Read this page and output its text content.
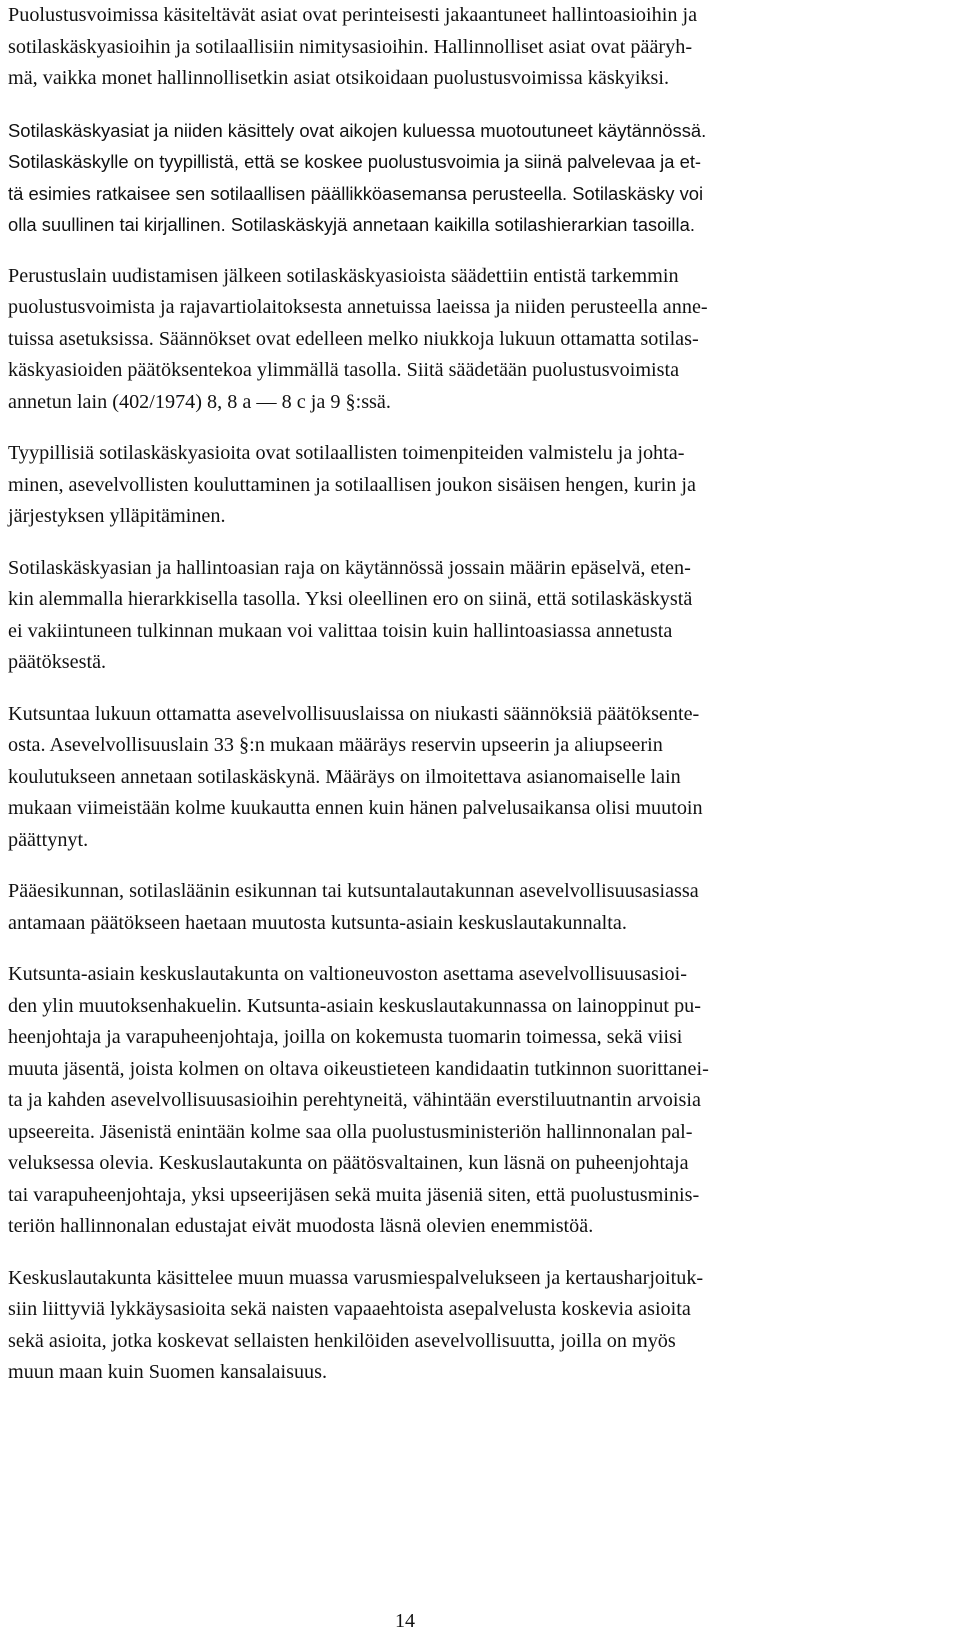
Puolustusvoimissa käsiteltävät asiat ovat perinteisesti jakaantuneet hallintoasioihin ja
sotilaskäskyasioihin ja sotilaallisiin nimitysasioihin. Hallinnolliset asiat ovat pääryh-
mä, vaikka monet hallinnollisetkin asiat otsikoidaan puolustusvoimissa käskyiksi.

Sotilaskäskyasiat ja niiden käsittely ovat aikojen kuluessa muotoutuneet käytännössä.
Sotilaskäskylle on tyypillistä, että se koskee puolustusvoimia ja siinä palvelevaa ja et-
tä esimies ratkaisee sen sotilaallisen päällikköasemansa perusteella. Sotilaskäsky voi
olla suullinen tai kirjallinen. Sotilaskäskyjä annetaan kaikilla sotilashierarkian tasoilla.

Perustuslain uudistamisen jälkeen sotilaskäskyasioista säädettiin entistä tarkemmin
puolustusvoimista ja rajavartiolaitoksesta annetuissa laeissa ja niiden perusteella anne-
tuissa asetuksissa. Säännökset ovat edelleen melko niukkoja lukuun ottamatta sotilas-
käskyasioiden päätöksentekoa ylimmällä tasolla. Siitä säädetään puolustusvoimista
annetun lain (402/1974) 8, 8 a — 8 c ja 9 §:ssä.

Tyypillisiä sotilaskäskyasioita ovat sotilaallisten toimenpiteiden valmistelu ja johta-
minen, asevelvollisten kouluttaminen ja sotilaallisen joukon sisäisen hengen, kurin ja
järjestyksen ylläpitäminen.

Sotilaskäskyasian ja hallintoasian raja on käytännössä jossain määrin epäselvä, eten-
kin alemmalla hierarkkisella tasolla. Yksi oleellinen ero on siinä, että sotilaskäskystä
ei vakiintuneen tulkinnan mukaan voi valittaa toisin kuin hallintoasiassa annetusta
päätöksestä.

Kutsuntaa lukuun ottamatta asevelvollisuuslaissa on niukasti säännöksiä päätöksente-
osta. Asevelvollisuuslain 33 §:n mukaan määräys reservin upseerin ja aliupseerin
koulutukseen annetaan sotilaskäskynä. Määräys on ilmoitettava asianomaiselle lain
mukaan viimeistään kolme kuukautta ennen kuin hänen palvelusaikansa olisi muutoin
päättynyt.

Pääesikunnan, sotilasläänin esikunnan tai kutsuntalautakunnan asevelvollisuusasiassa
antamaan päätökseen haetaan muutosta kutsunta-asiain keskuslautakunnalta.

Kutsunta-asiain keskuslautakunta on valtioneuvoston asettama asevelvollisuusasioi-
den ylin muutoksenhakuelin. Kutsunta-asiain keskuslautakunnassa on lainoppinut pu-
heenjohtaja ja varapuheenjohtaja, joilla on kokemusta tuomarin toimessa, sekä viisi
muuta jäsentä, joista kolmen on oltava oikeustieteen kandidaatin tutkinnon suorittanei-
ta ja kahden asevelvollisuusasioihin perehtyneitä, vähintään everstiluutnantin arvoisia
upseereita. Jäsenistä enintään kolme saa olla puolustusministeriön hallinnonalan pal-
veluksessa olevia. Keskuslautakunta on päätösvaltainen, kun läsnä on puheenjohtaja
tai varapuheenjohtaja, yksi upseerijäsen sekä muita jäseniä siten, että puolustusminis-
teriön hallinnonalan edustajat eivät muodosta läsnä olevien enemmistöä.

Keskuslautakunta käsittelee muun muassa varusmiespalvelukseen ja kertausharjoituk-
siin liittyviä lykkäysasioita sekä naisten vapaaehtoista asepalvelusta koskevia asioita
sekä asioita, jotka koskevat sellaisten henkilöiden asevelvollisuutta, joilla on myös
muun maan kuin Suomen kansalaisuus.

14
